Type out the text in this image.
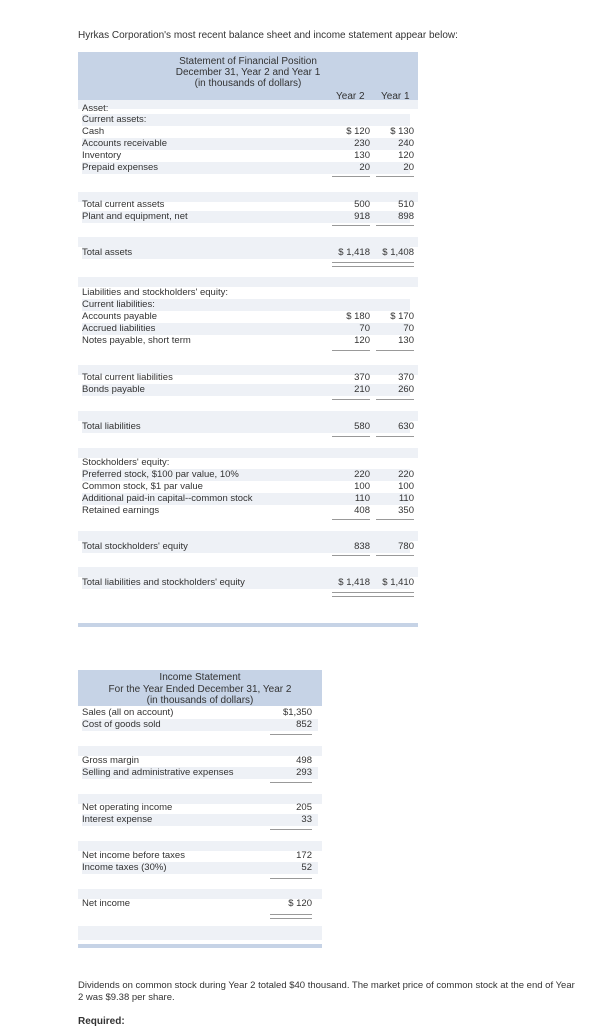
Hyrkas Corporation's most recent balance sheet and income statement appear below:
Statement of Financial Position
December 31, Year 2 and Year 1
(in thousands of dollars)
Year 2 Year 1
Asset:
Current assets:
Cash	$ 120	$ 130
Accounts receivable	230	240
Inventory	130	120
Prepaid expenses	20	20
Total current assets	500	510
Plant and equipment, net	918	898
Total assets	$ 1,418	$ 1,408
Liabilities and stockholders' equity:
Current liabilities:
Accounts payable	$ 180	$ 170
Accrued liabilities	70	70
Notes payable, short term	120	130
Total current liabilities	370	370
Bonds payable	210	260
Total liabilities	580	630
Stockholders' equity:
Preferred stock, $100 par value, 10%	220	220
Common stock, $1 par value	100	100
Additional paid-in capital--common stock	110	110
Retained earnings	408	350
Total stockholders' equity	838	780
Total liabilities and stockholders' equity	$ 1,418	$ 1,410
Income Statement
For the Year Ended December 31, Year 2
(in thousands of dollars)
Sales (all on account)	$1,350
Cost of goods sold	852
Gross margin	498
Selling and administrative expenses	293
Net operating income	205
Interest expense	33
Net income before taxes	172
Income taxes (30%)	52
Net income	$ 120
Dividends on common stock during Year 2 totaled $40 thousand. The market price of common stock at the end of Year 2 was $9.38 per share.
Required:
